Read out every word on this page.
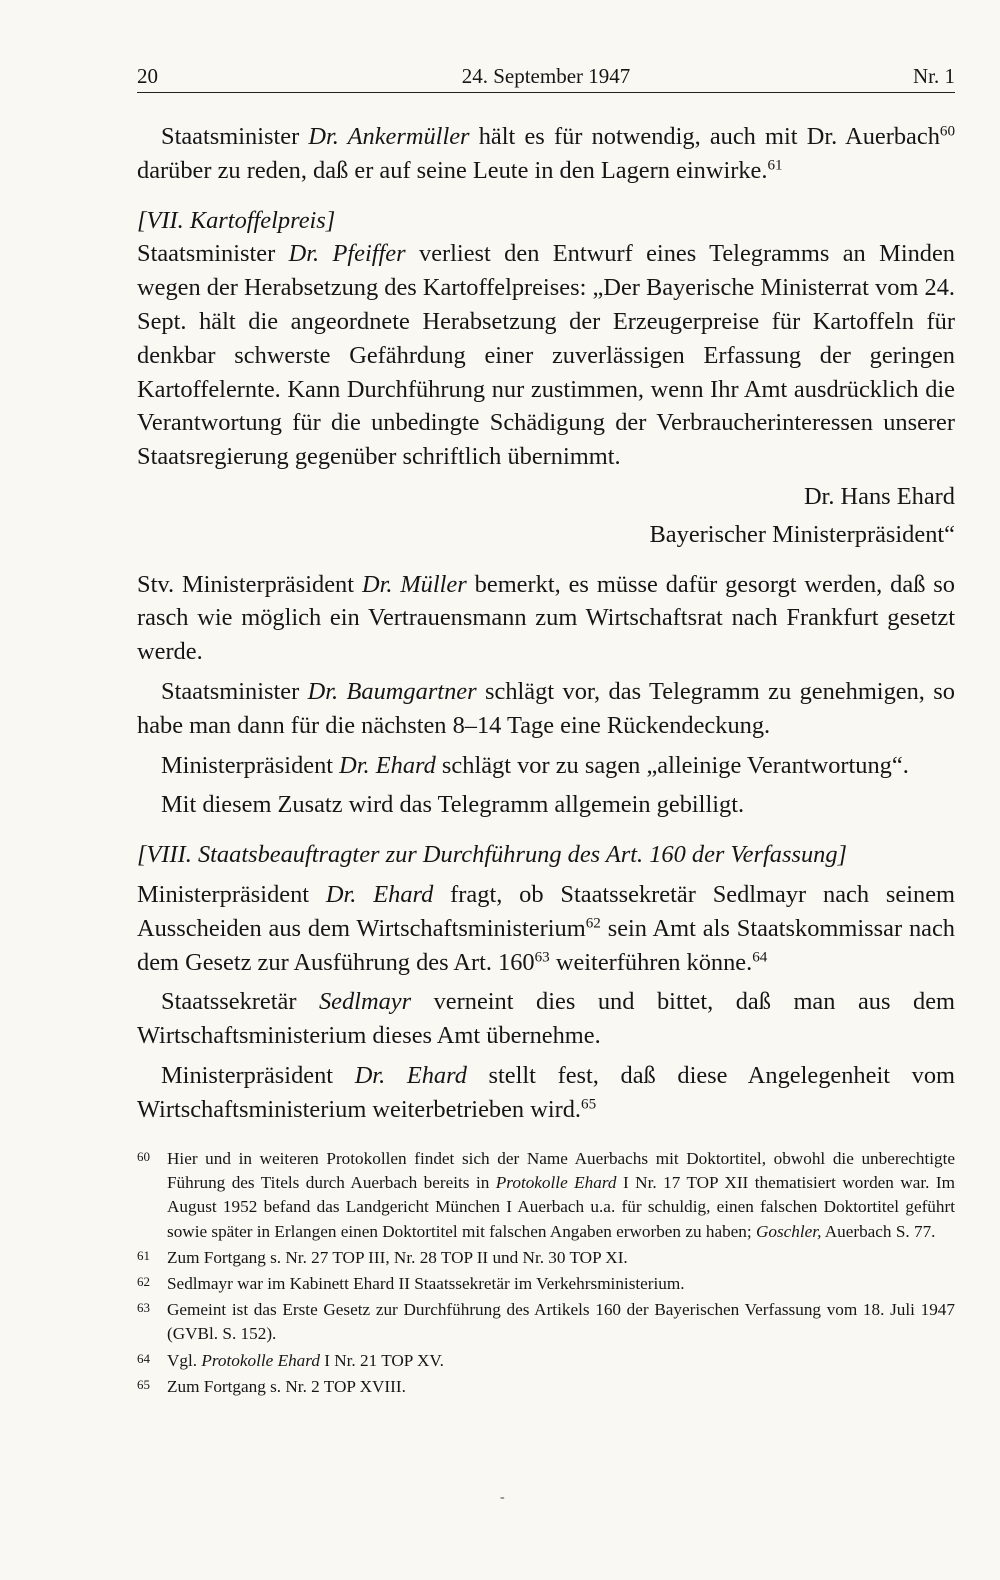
20	24. September 1947	Nr. 1

Staatsminister Dr. Ankermüller hält es für notwendig, auch mit Dr. Auerbach$^{60}$ darüber zu reden, daß er auf seine Leute in den Lagern einwirke.$^{61}$

[VII. Kartoffelpreis]

Staatsminister Dr. Pfeiffer verliest den Entwurf eines Telegramms an Minden wegen der Herabsetzung des Kartoffelpreises: „Der Bayerische Ministerrat vom 24. Sept. hält die angeordnete Herabsetzung der Erzeugerpreise für Kartoffeln für denkbar schwerste Gefährdung einer zuverlässigen Erfassung der geringen Kartoffelernte. Kann Durchführung nur zustimmen, wenn Ihr Amt ausdrücklich die Verantwortung für die unbedingte Schädigung der Verbraucherinteressen unserer Staatsregierung gegenüber schriftlich übernimmt.

Dr. Hans Ehard

Bayerischer Ministerpräsident“

Stv. Ministerpräsident Dr. Müller bemerkt, es müsse dafür gesorgt werden, daß so rasch wie möglich ein Vertrauensmann zum Wirtschaftsrat nach Frankfurt gesetzt werde.

Staatsminister Dr. Baumgartner schlägt vor, das Telegramm zu genehmigen, so habe man dann für die nächsten 8–14 Tage eine Rückendeckung.

Ministerpräsident Dr. Ehard schlägt vor zu sagen „alleinige Verantwortung“.

Mit diesem Zusatz wird das Telegramm allgemein gebilligt.

[VIII. Staatsbeauftragter zur Durchführung des Art. 160 der Verfassung]

Ministerpräsident Dr. Ehard fragt, ob Staatssekretär Sedlmayr nach seinem Ausscheiden aus dem Wirtschaftsministerium$^{62}$ sein Amt als Staatskommissar nach dem Gesetz zur Ausführung des Art. $160^{63}$ weiterführen könne.$^{64}$

Staatssekretär Sedlmayr verneint dies und bittet, daß man aus dem Wirtschaftsministerium dieses Amt übernehme.

Ministerpräsident Dr. Ehard stellt fest, daß diese Angelegenheit vom Wirtschaftsministerium weiterbetrieben wird.$^{65}$

60 Hier und in weiteren Protokollen findet sich der Name Auerbachs mit Doktortitel, obwohl die unberechtigte Führung des Titels durch Auerbach bereits in Protokolle Ehard I Nr. 17 TOP XII thematisiert worden war. Im August 1952 befand das Landgericht München I Auerbach u.a. für schuldig, einen falschen Doktortitel geführt sowie später in Erlangen einen Doktortitel mit falschen Angaben erworben zu haben; Goschler, Auerbach S. 77.

61 Zum Fortgang s. Nr. 27 TOP III, Nr. 28 TOP II und Nr. 30 TOP XI.

62 Sedlmayr war im Kabinett Ehard II Staatssekretär im Verkehrsministerium.

63 Gemeint ist das Erste Gesetz zur Durchführung des Artikels 160 der Bayerischen Verfassung vom 18. Juli 1947 (GVBl. S. 152).

64 Vgl. Protokolle Ehard I Nr. 21 TOP XV.

65 Zum Fortgang s. Nr. 2 TOP XVIII.

-
